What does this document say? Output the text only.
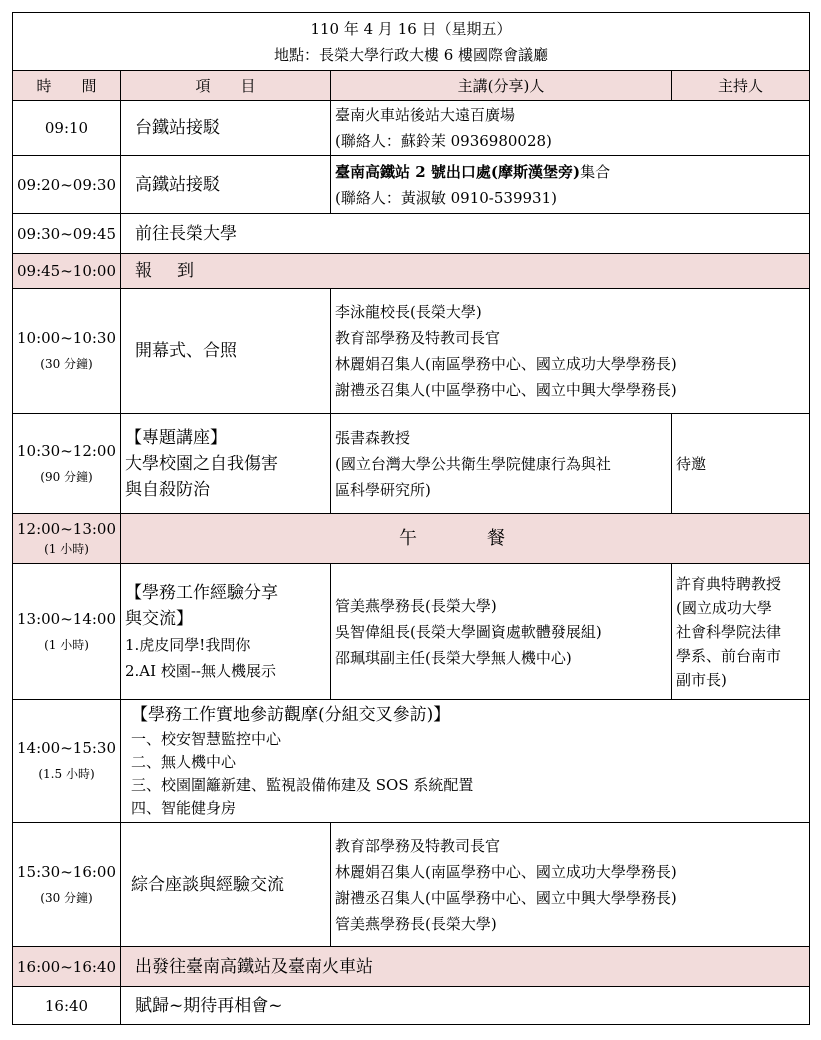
110 年 4 月 16 日（星期五）
地點：長榮大學行政大樓 6 樓國際會議廳			

時　　間	項　　目	主講(分享)人	主持人
09:10	台鐵站接駁	臺南火車站後站大遠百廣場
(聯絡人：蘇鈴茉 0936980028)	

09:20~09:30	高鐵站接駁	臺南高鐵站 2 號出口處(摩斯漢堡旁)集合
(聯絡人：黃淑敏 0910-539931)	

09:30~09:45	前往長榮大學		
09:45~10:00	報　到		

10:00~10:30
(30 分鐘)	開幕式、合照	李泳龍校長(長榮大學)
教育部學務及特教司長官
林麗娟召集人(南區學務中心、國立成功大學學務長)
謝禮丞召集人(中區學務中心、國立中興大學學務長)	

10:30~12:00
(90 分鐘)	【專題講座】
大學校園之自我傷害
與自殺防治	張書森教授
(國立台灣大學公共衛生學院健康行為與社
區科學研究所)	待邀

12:00~13:00
(1 小時)	午　餐		

13:00~14:00
(1 小時)	【學務工作經驗分享
與交流】
1.虎皮同學!我問你
2.AI 校園--無人機展示	管美燕學務長(長榮大學)
吳智偉組長(長榮大學圖資處軟體發展組)
邵珮琪副主任(長榮大學無人機中心)	許育典特聘教授
(國立成功大學
社會科學院法律
學系、前台南市
副市長)

14:00~15:30
(1.5 小時)	【學務工作實地參訪觀摩(分組交叉參訪)】
一、校安智慧監控中心
二、無人機中心
三、校園圍籬新建、監視設備佈建及 SOS 系統配置
四、智能健身房		

15:30~16:00
(30 分鐘)	綜合座談與經驗交流	教育部學務及特教司長官
林麗娟召集人(南區學務中心、國立成功大學學務長)
謝禮丞召集人(中區學務中心、國立中興大學學務長)
管美燕學務長(長榮大學)	

16:00~16:40	出發往臺南高鐵站及臺南火車站		
16:40	賦歸~期待再相會~		
